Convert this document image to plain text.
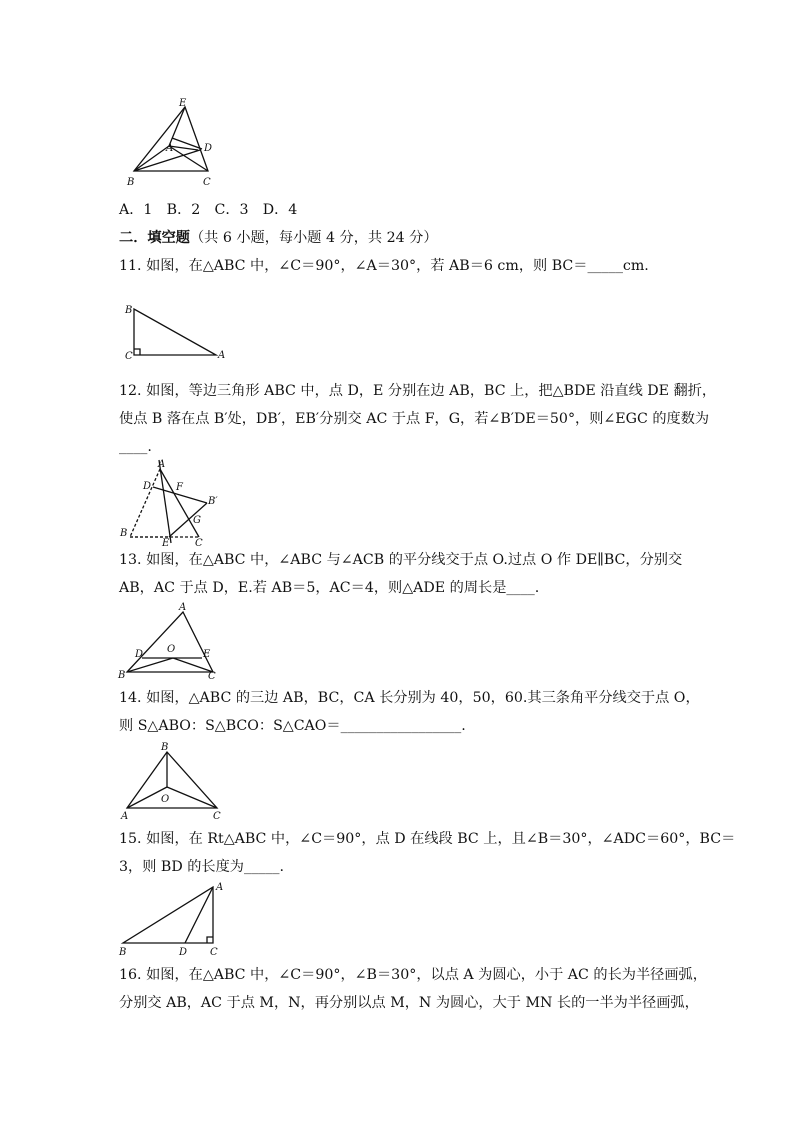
E
A	D
B	C
A．1　B．2　C．3　D．4
二．填空题（共 6 小题，每小题 4 分，共 24 分）
11. 如图，在△ABC 中，∠C＝90°，∠A＝30°，若 AB＝6 cm，则 BC＝_____cm.
B
C	A
12. 如图，等边三角形 ABC 中，点 D，E 分别在边 AB，BC 上，把△BDE 沿直线 DE 翻折，
使点 B 落在点 B′处，DB′，EB′分别交 AC 于点 F，G，若∠B′DE＝50°，则∠EGC 的度数为
____.
A
D F
B′
G
B
E	C
13. 如图，在△ABC 中，∠ABC 与∠ACB 的平分线交于点 O.过点 O 作 DE∥BC，分别交
AB，AC 于点 D，E.若 AB＝5，AC＝4，则△ADE 的周长是____.
A
D O	E
B	C
14. 如图，△ABC 的三边 AB，BC，CA 长分别为 40，50，60.其三条角平分线交于点 O，
则 S△ABO：S△BCO：S△CAO＝_________________.
B
O
A	C
15. 如图，在 Rt△ABC 中，∠C＝90°，点 D 在线段 BC 上，且∠B＝30°，∠ADC＝60°，BC＝
3，则 BD 的长度为_____.
A
B	D C
16. 如图，在△ABC 中，∠C＝90°，∠B＝30°，以点 A 为圆心，小于 AC 的长为半径画弧，
分别交 AB，AC 于点 M，N，再分别以点 M，N 为圆心，大于 MN 长的一半为半径画弧，
